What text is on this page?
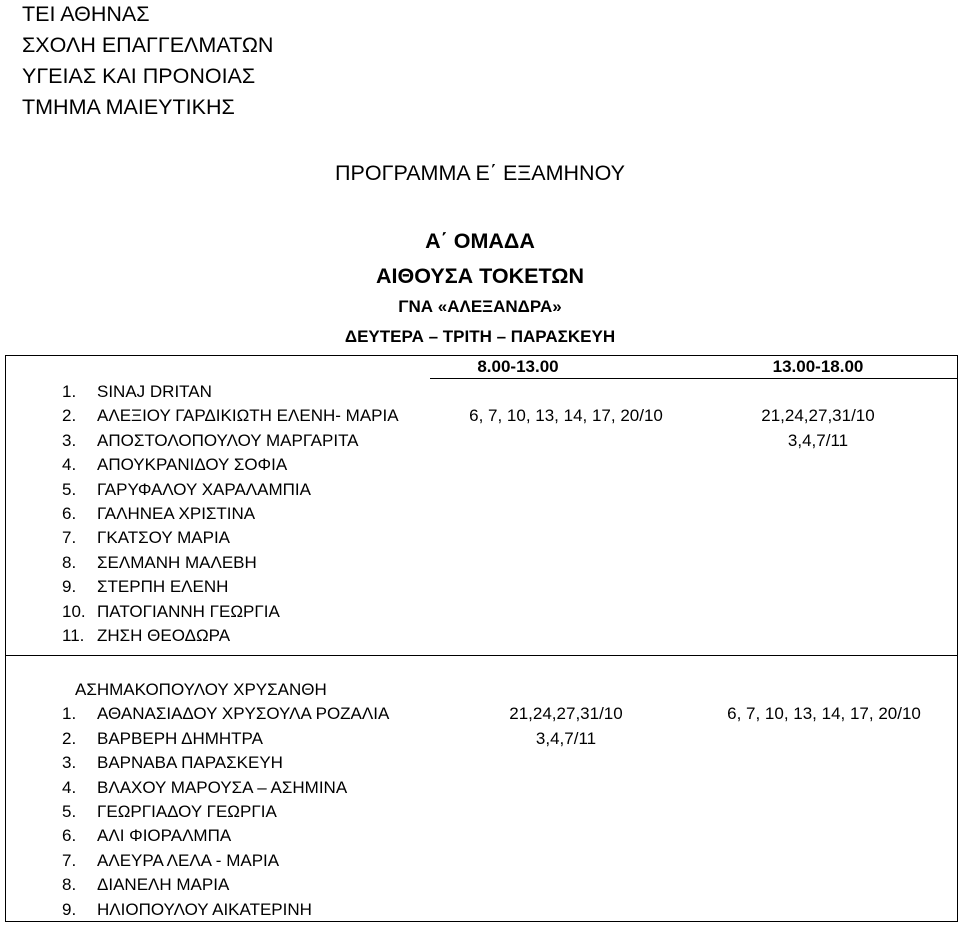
ΤΕΙ ΑΘΗΝΑΣ
ΣΧΟΛΗ ΕΠΑΓΓΕΛΜΑΤΩΝ
ΥΓΕΙΑΣ ΚΑΙ ΠΡΟΝΟΙΑΣ
ΤΜΗΜΑ ΜΑΙΕΥΤΙΚΗΣ
ΠΡΟΓΡΑΜΜΑ Ε΄ ΕΞΑΜΗΝΟΥ
Α΄ ΟΜΑΔΑ
ΑΙΘΟΥΣΑ ΤΟΚΕΤΩΝ
ΓΝΑ «ΑΛΕΞΑΝΔΡΑ»
ΔΕΥΤΕΡΑ – ΤΡΙΤΗ – ΠΑΡΑΣΚΕΥΗ
8.00-13.00	13.00-18.00
1. SINAJ DRITAN
2. ΑΛΕΞΙΟΥ ΓΑΡΔΙΚΙΩΤΗ ΕΛΕΝΗ- ΜΑΡΙΑ
3. ΑΠΟΣΤΟΛΟΠΟΥΛΟΥ ΜΑΡΓΑΡΙΤΑ
4. ΑΠΟΥΚΡΑΝΙΔΟΥ ΣΟΦΙΑ
5. ΓΑΡΥΦΑΛΟΥ ΧΑΡΑΛΑΜΠΙΑ
6. ΓΑΛΗΝΕΑ ΧΡΙΣΤΙΝΑ
7. ΓΚΑΤΣΟΥ ΜΑΡΙΑ
8. ΣΕΛΜΑΝΗ ΜΑΛΕΒΗ
9. ΣΤΕΡΠΗ ΕΛΕΝΗ
10. ΠΑΤΟΓΙΑΝΝΗ ΓΕΩΡΓΙΑ
11. ΖΗΣΗ ΘΕΟΔΩΡΑ
6, 7, 10, 13, 14, 17, 20/10	21,24,27,31/10
3,4,7/11
ΑΣΗΜΑΚΟΠΟΥΛΟΥ ΧΡΥΣΑΝΘΗ
1. ΑΘΑΝΑΣΙΑΔΟΥ ΧΡΥΣΟΥΛΑ ΡΟΖΑΛΙΑ
2. ΒΑΡΒΕΡΗ ΔΗΜΗΤΡΑ
3. ΒΑΡΝΑΒΑ ΠΑΡΑΣΚΕΥΗ
4. ΒΛΑΧΟΥ ΜΑΡΟΥΣΑ – ΑΣΗΜΙΝΑ
5. ΓΕΩΡΓΙΑΔΟΥ ΓΕΩΡΓΙΑ
6. ΑΛΙ ΦΙΟΡΑΛΜΠΑ
7. ΑΛΕΥΡΑ ΛΕΛΑ - ΜΑΡΙΑ
8. ΔΙΑΝΕΛΗ ΜΑΡΙΑ
9. ΗΛΙΟΠΟΥΛΟΥ ΑΙΚΑΤΕΡΙΝΗ
21,24,27,31/10
3,4,7/11
6, 7, 10, 13, 14, 17, 20/10
